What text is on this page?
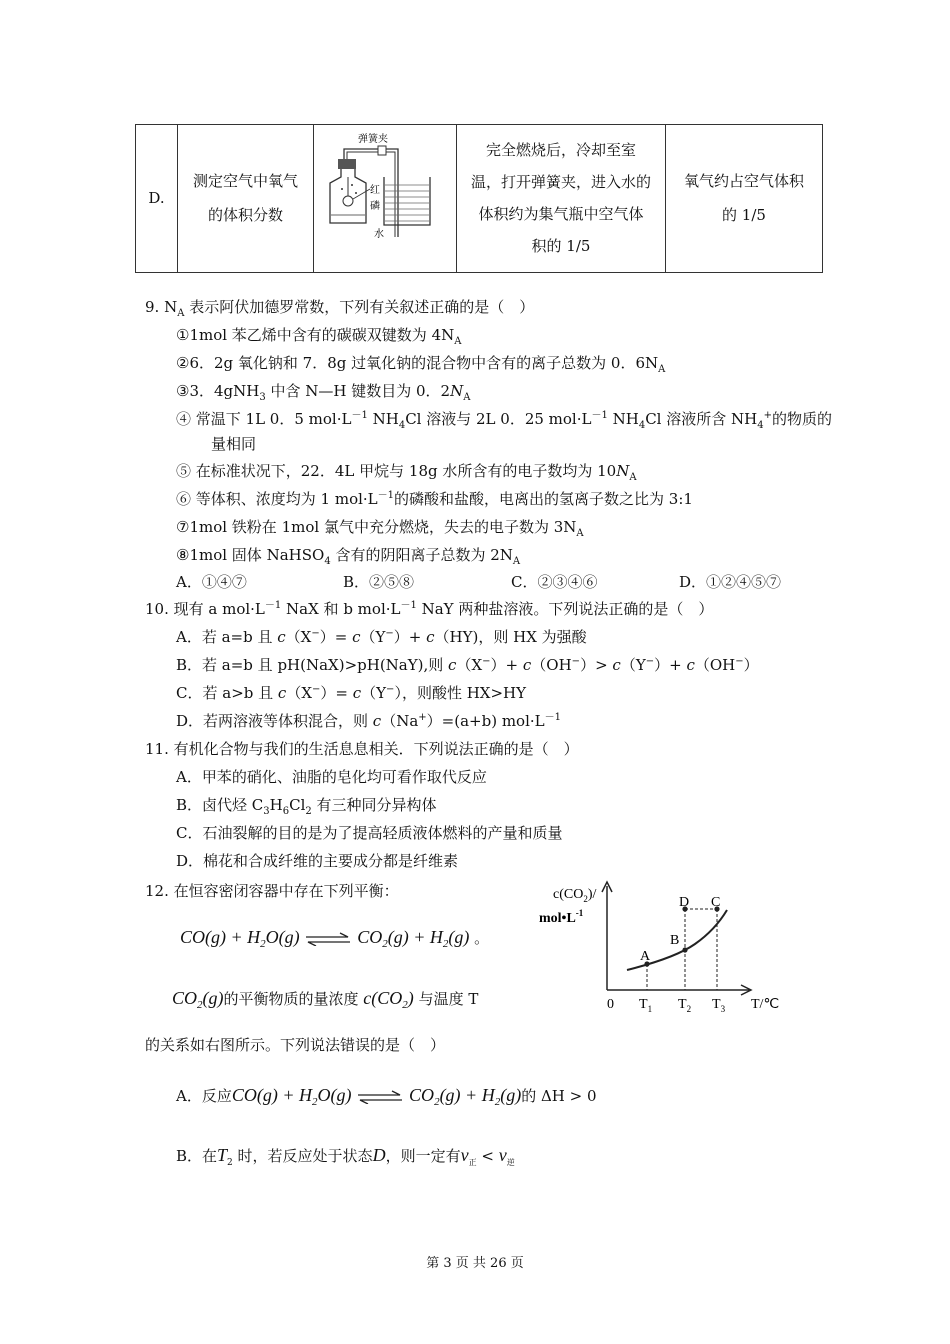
D.	
测定空气中氧气
的体积分数

弹簧夹
红
磷
水

完全燃烧后，冷却至室
温，打开弹簧夹，进入水的
体积约为集气瓶中空气体
积的 1/5

氧气约占空气体积
的 1/5
9. $N_A$ 表示阿伏加德罗常数，下列有关叙述正确的是（　）
①1mol 苯乙烯中含有的碳碳双键数为 $4N_A$
②6．2g 氧化钠和 7．8g 过氧化钠的混合物中含有的离子总数为 0．$6N_A$
③3．4gNH$_3$ 中含 N—H 键数目为 0．$2N_A$
④ 常温下 1L 0．5 $mol\cdot L^{-1}$ $NH_4Cl$ 溶液与 2L 0．25 $mol\cdot L^{-1}$ $NH_4Cl$ 溶液所含 $NH_4^+$的物质的
量相同
⑤ 在标准状况下，22．4L 甲烷与 18g 水所含有的电子数均为 $10N_A$
⑥ 等体积、浓度均为 1 $mol\cdot L^{-1}$的磷酸和盐酸，电离出的氢离子数之比为 3:1
⑦1mol 铁粉在 1mol 氯气中充分燃烧，失去的电子数为 $3N_A$
⑧1mol 固体 NaHSO$_4$ 含有的阴阳离子总数为 $2N_A$
A．①④⑦	B．②⑤⑧	C．②③④⑥	D．①②④⑤⑦
10. 现有 a $mol\cdot L^{-1}$ NaX 和 b $mol\cdot L^{-1}$ NaY 两种盐溶液。下列说法正确的是（　）
A．若 a=b 且 c（X−）= c（Y−）+ c（HY)，则 HX 为强酸
B．若 a=b 且 pH(NaX)>pH(NaY),则 c（X−）+ c（OH−）> c（Y−）+ c（OH−）
C．若 a>b 且 c（X−）= c（Y−），则酸性 HX>HY
D．若两溶液等体积混合，则 c（Na+）=(a+b) $mol\cdot L^{-1}$
11. 有机化合物与我们的生活息息相关．下列说法正确的是（　）
A．甲苯的硝化、油脂的皂化均可看作取代反应
B．卤代烃 $C_3H_6Cl_2$ 有三种同分异构体
C．石油裂解的目的是为了提高轻质液体燃料的产量和质量
D．棉花和合成纤维的主要成分都是纤维素
12. 在恒容密闭容器中存在下列平衡：
$CO(g) + H_2O(g)$ ⇌ $CO_2(g) + H_2(g)$ 。
$CO_2(g)$的平衡物质的量浓度 $c(CO_2)$ 与温度 T
的关系如右图所示。下列说法错误的是（　）
A．反应$CO(g) + H_2O(g)$ ⇌ $CO_2(g) + H_2(g)$的 ΔH > 0
B．在$T_2$ 时，若反应处于状态D，则一定有$v_正 < v_逆$
$c(CO_2)/$
$mol•L^{-1}$
A
B
D C
0 $T_1$ $T_2$ $T_3$ T/℃
第 3 页 共 26 页
